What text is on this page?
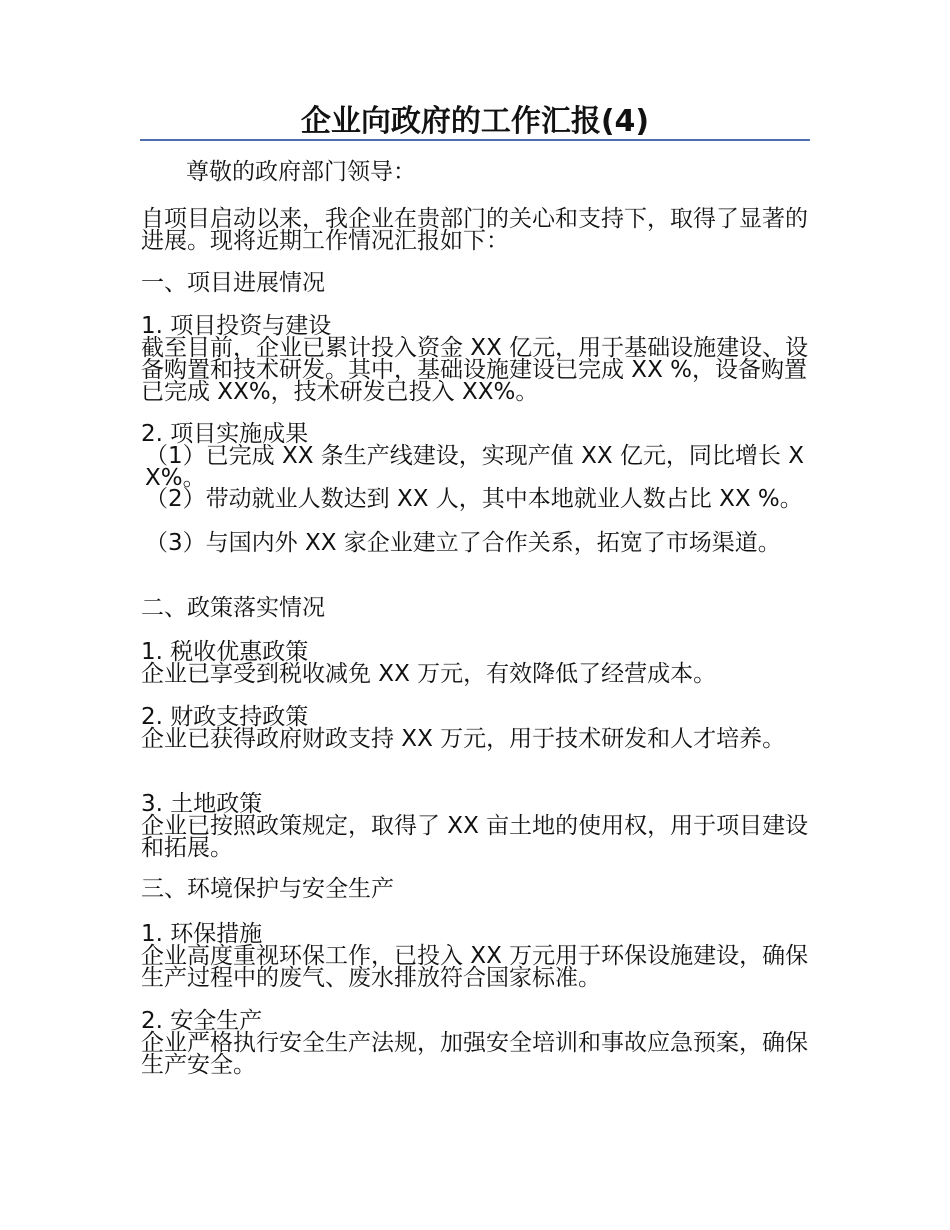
企业向政府的工作汇报(4)

尊敬的政府部门领导：

自项目启动以来，我企业在贵部门的关心和支持下，取得了显著的进展。现将近期工作情况汇报如下：

一、项目进展情况

1. 项目投资与建设

截至目前，企业已累计投入资金 XX 亿元，用于基础设施建设、设备购置和技术研发。其中，基础设施建设已完成 XX %，设备购置已完成 XX%，技术研发已投入 XX%。

2. 项目实施成果

（1）已完成 XX 条生产线建设，实现产值 XX 亿元，同比增长 XX%。

（2）带动就业人数达到 XX 人，其中本地就业人数占比 XX %。

（3）与国内外 XX 家企业建立了合作关系，拓宽了市场渠道。

二、政策落实情况

1. 税收优惠政策

企业已享受到税收减免 XX 万元，有效降低了经营成本。

2. 财政支持政策

企业已获得政府财政支持 XX 万元，用于技术研发和人才培养。

3. 土地政策

企业已按照政策规定，取得了 XX 亩土地的使用权，用于项目建设和拓展。

三、环境保护与安全生产

1. 环保措施

企业高度重视环保工作，已投入 XX 万元用于环保设施建设，确保生产过程中的废气、废水排放符合国家标准。

2. 安全生产

企业严格执行安全生产法规，加强安全培训和事故应急预案，确保生产安全。
